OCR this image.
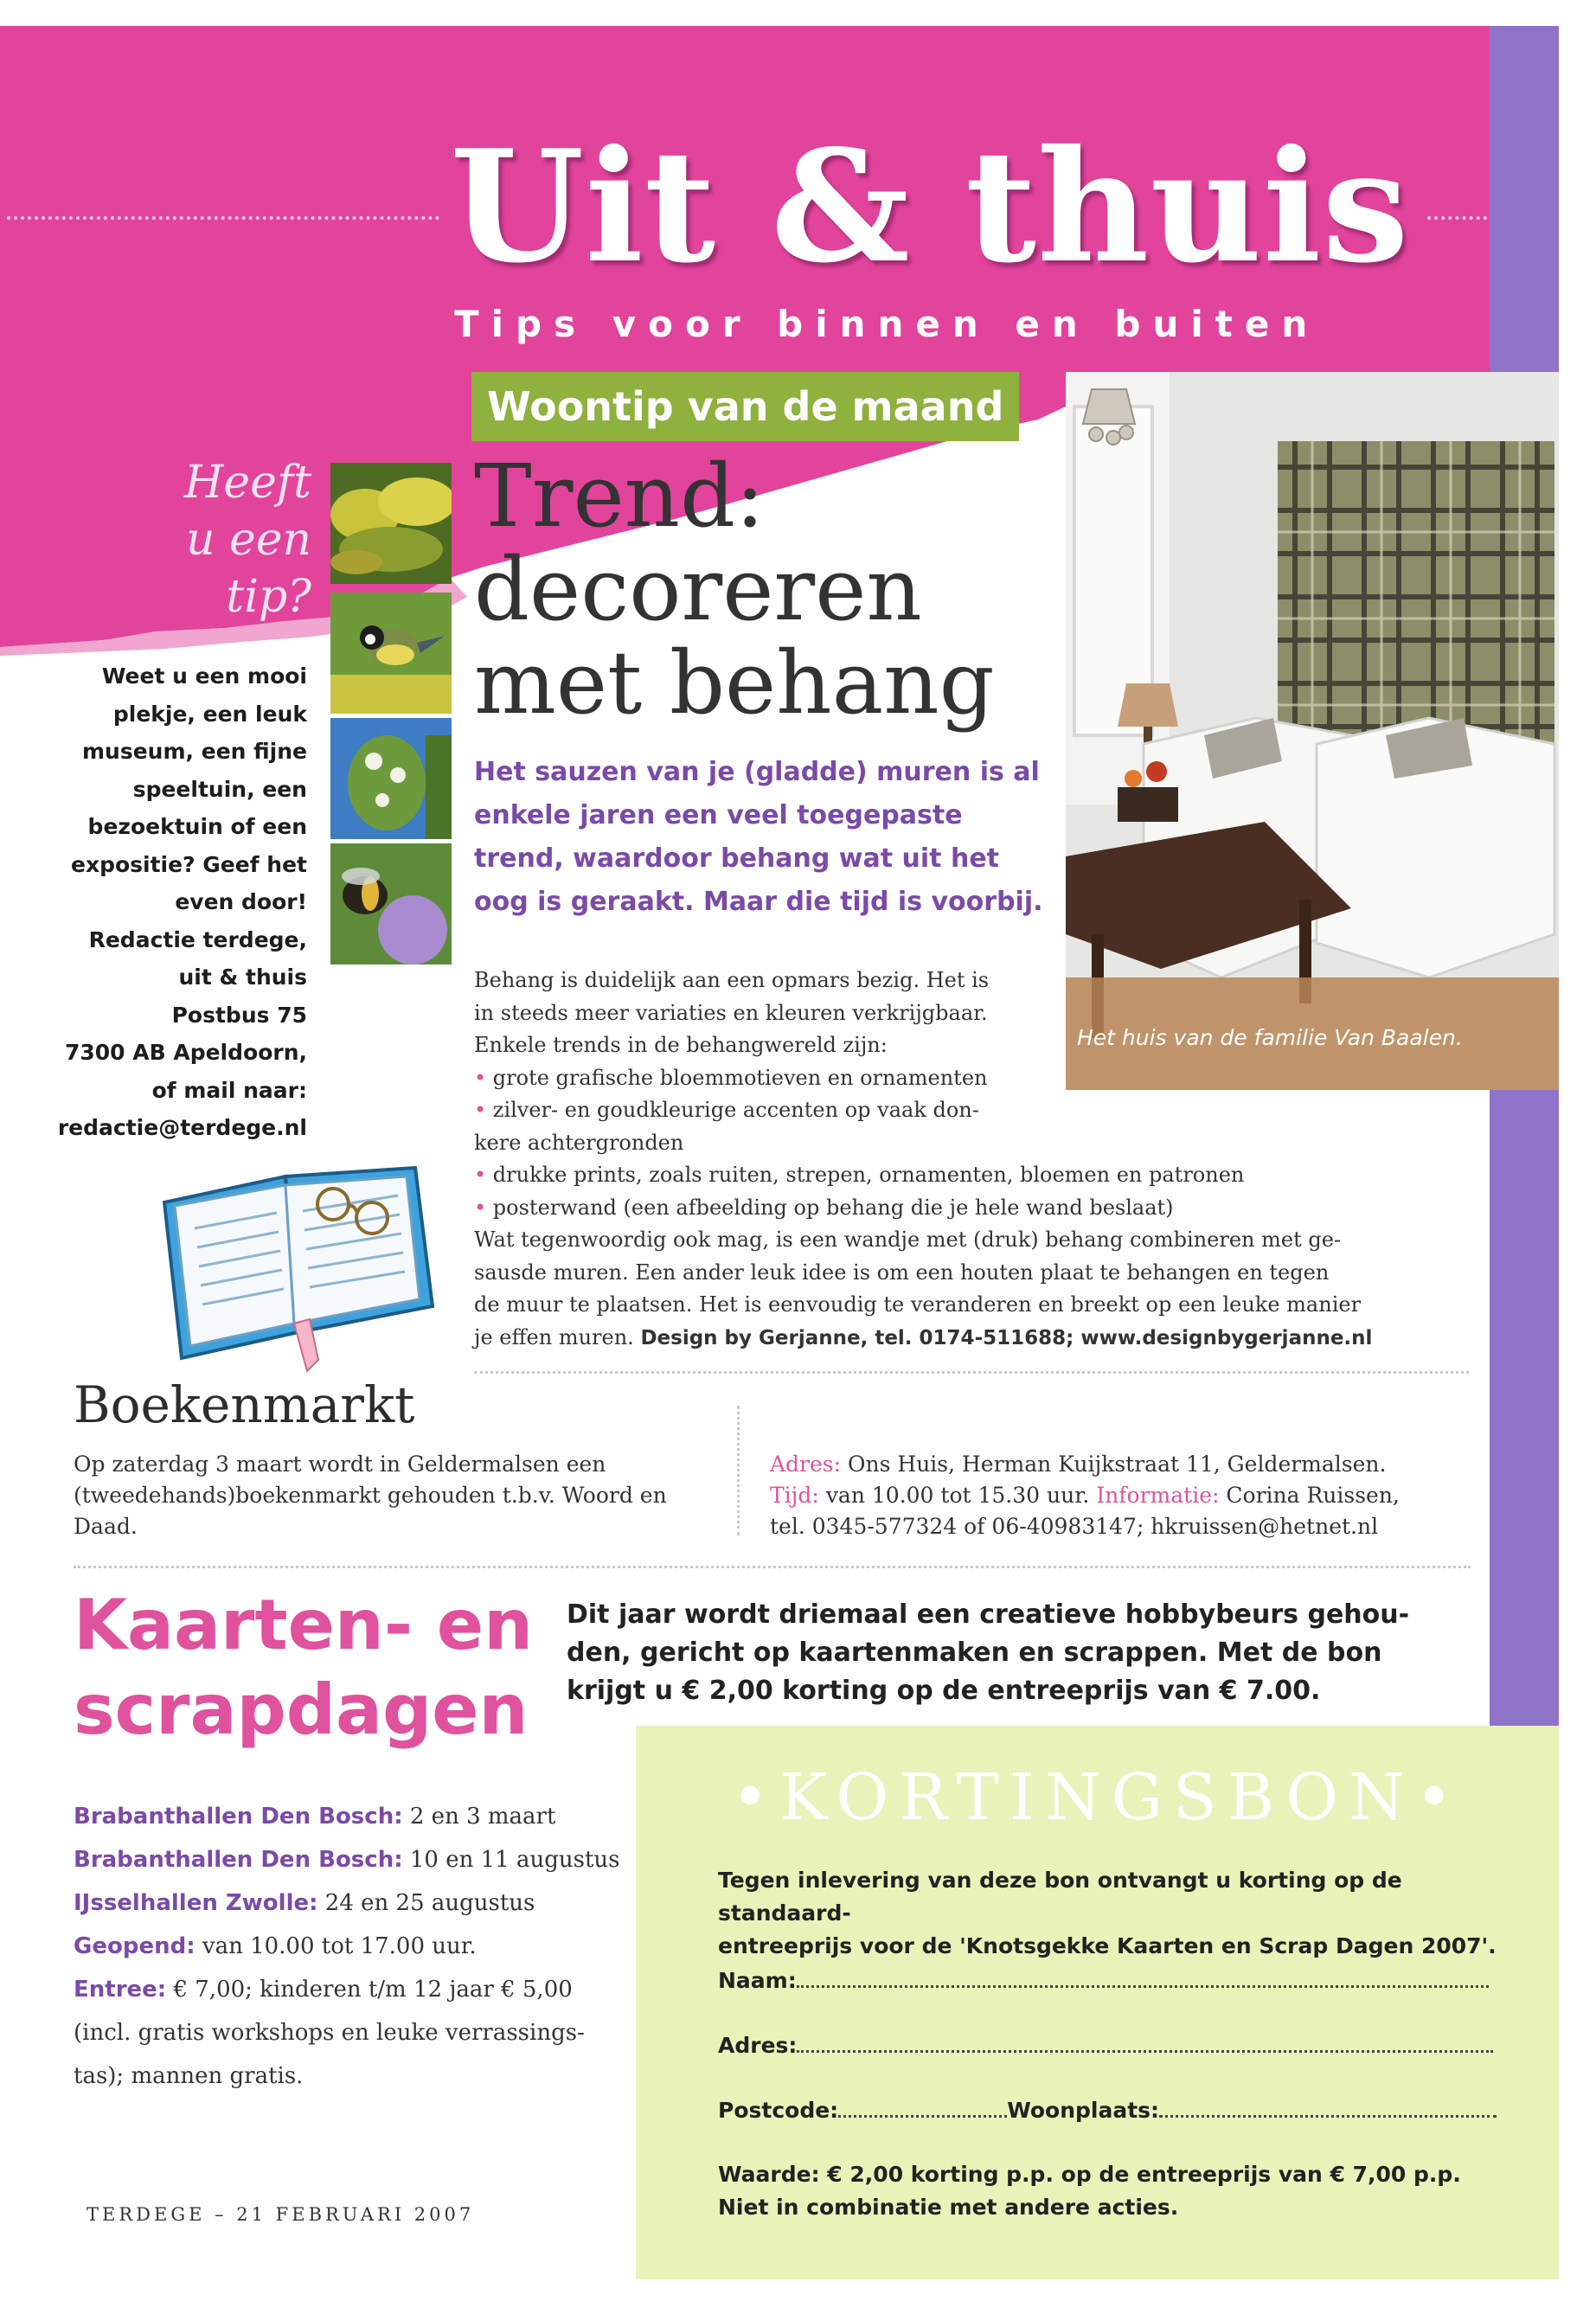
Uit & thuis
Tips voor binnen en buiten
Woontip van de maand
Heeft
u een
tip?
Weet u een mooi
plekje, een leuk
museum, een fijne
speeltuin, een
bezoektuin of een
expositie? Geef het
even door!
Redactie terdege,
uit & thuis
Postbus 75
7300 AB Apeldoorn,
of mail naar:
redactie@terdege.nl
Trend:
decoreren
met behang
Het sauzen van je (gladde) muren is al enkele jaren een veel toegepaste trend, waardoor behang wat uit het oog is geraakt. Maar die tijd is voorbij.
Behang is duidelijk aan een opmars bezig. Het is
in steeds meer variaties en kleuren verkrijgbaar.
Enkele trends in de behangwereld zijn:
• grote grafische bloemmotieven en ornamenten
• zilver- en goudkleurige accenten op vaak don-
kere achtergronden
• drukke prints, zoals ruiten, strepen, ornamenten, bloemen en patronen
• posterwand (een afbeelding op behang die je hele wand beslaat)
Wat tegenwoordig ook mag, is een wandje met (druk) behang combineren met ge-
sausde muren. Een ander leuk idee is om een houten plaat te behangen en tegen
de muur te plaatsen. Het is eenvoudig te veranderen en breekt op een leuke manier
je effen muren. Design by Gerjanne, tel. 0174-511688; www.designbygerjanne.nl
Het huis van de familie Van Baalen.
Boekenmarkt
Op zaterdag 3 maart wordt in Geldermalsen een
(tweedehands)boekenmarkt gehouden t.b.v. Woord en
Daad.
Adres: Ons Huis, Herman Kuijkstraat 11, Geldermalsen.
Tijd: van 10.00 tot 15.30 uur. Informatie: Corina Ruissen,
tel. 0345-577324 of 06-40983147; hkruissen@hetnet.nl
Kaarten- en
scrapdagen
Dit jaar wordt driemaal een creatieve hobbybeurs gehou-
den, gericht op kaartenmaken en scrappen. Met de bon
krijgt u € 2,00 korting op de entreeprijs van € 7.00.
Brabanthallen Den Bosch: 2 en 3 maart
Brabanthallen Den Bosch: 10 en 11 augustus
IJsselhallen Zwolle: 24 en 25 augustus
Geopend: van 10.00 tot 17.00 uur.
Entree: € 7,00; kinderen t/m 12 jaar € 5,00
(incl. gratis workshops en leuke verrassings-
tas); mannen gratis.
•KORTINGSBON•
Tegen inlevering van deze bon ontvangt u korting op de standaard-
entreeprijs voor de 'Knotsgekke Kaarten en Scrap Dagen 2007'.
Naam:
Adres:
Postcode:	Woonplaats:
Waarde: € 2,00 korting p.p. op de entreeprijs van € 7,00 p.p.
Niet in combinatie met andere acties.
TERDEGE – 21 FEBRUARI 2007
